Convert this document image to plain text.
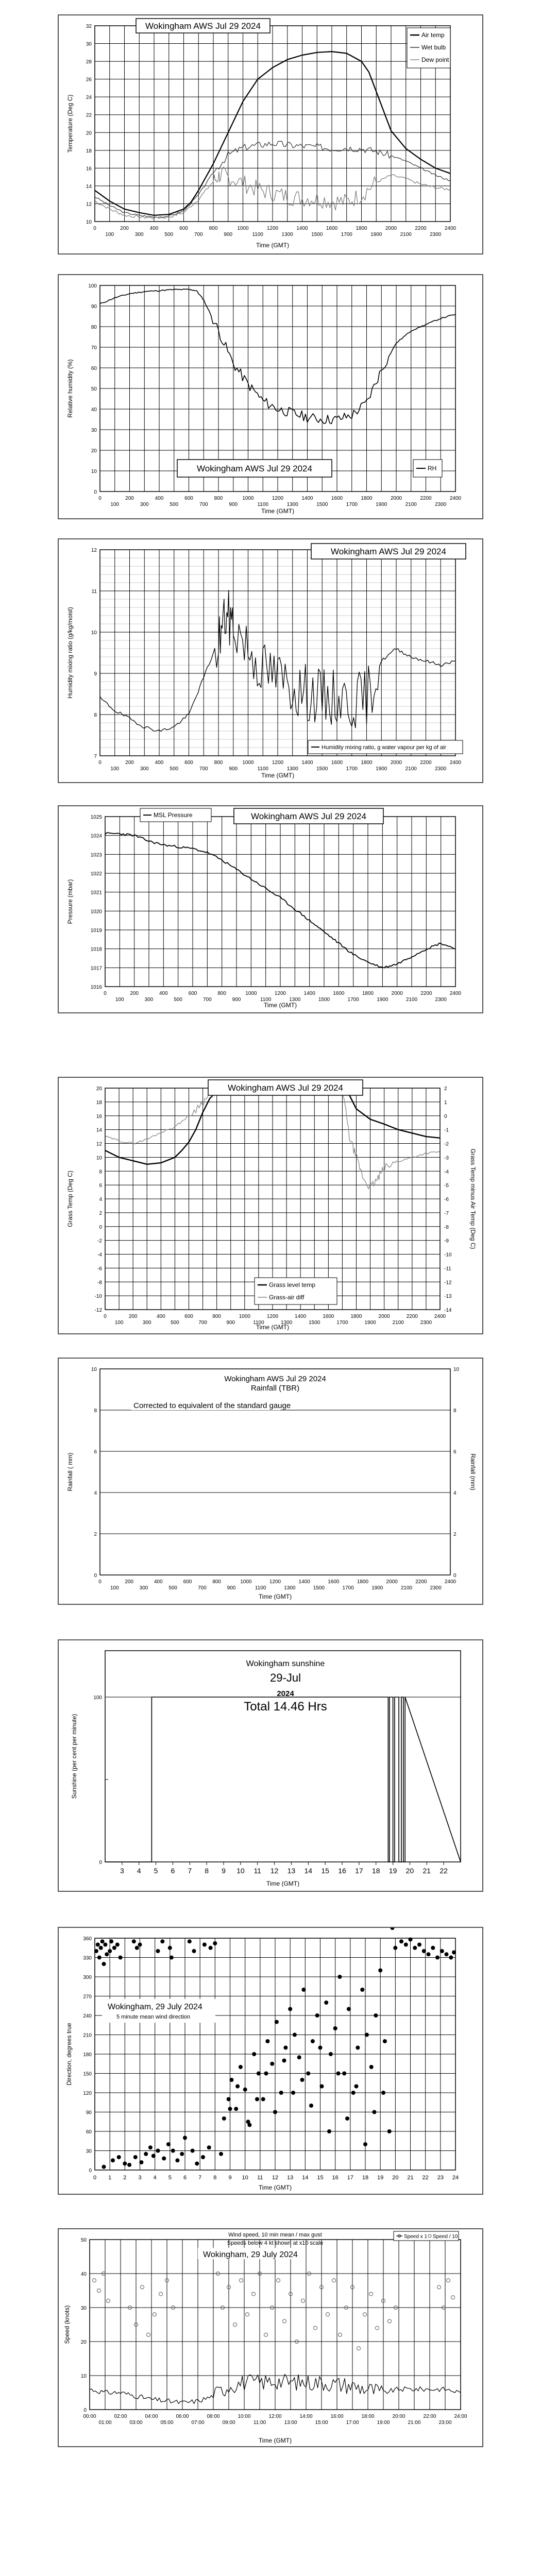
10
12
14
16
18
20
22
24
26
28
30
32
0
100
200
300
400
500
600
700
800
900
1000
1100
1200
1300
1400
1500
1600
1700
1800
1900
2000
2100
2200
2300
2400
Wokingham AWS Jul 29 2024
Air temp
Wet bulb
Dew point
Temperature (Deg C)
Time (GMT)
0
10
20
30
40
50
60
70
80
90
100
0
100
200
300
400
500
600
700
800
900
1000
1100
1200
1300
1400
1500
1600
1700
1800
1900
2000
2100
2200
2300
2400
Wokingham AWS Jul 29 2024	RH
Relative humidity (%)
Time (GMT)
7
8
9
10
11
12
0
100
200
300
400
500
600
700
800
900
1000
1100
1200
1300
1400
1500
1600
1700
1800
1900
2000
2100
2200
2300
2400
Wokingham AWS Jul 29 2024
Humidity mixing ratio, g water vapour per kg of air
Humidity mixing ratio (g/kg/moist)
Time (GMT)
1016
1017
1018
1019
1020
1021
1022
1023
1024
1025
0
100
200
300
400
500
600
700
800
900
1000
1100
1200
1300
1400
1500
1600
1700
1800
1900
2000
2100
2200
2300
2400
MSL Pressure	Wokingham AWS Jul 29 2024
Pressure (mbar)
Time (GMT)
-12
-10
-8
-6
-4
-2
0
2
4
6
8
10
12
14
16
18
20
-14
-13
-12
-11
-10
-9
-8
-7
-6
-5
-4
-3
-2
-1
0
1
2
0
100
200
300
400
500
600
700
800
900
1000
1100
1200
1300
1400
1500
1600
1700
1800
1900
2000
2100
2200
2300
2400
Wokingham AWS Jul 29 2024
Grass level temp
Grass-air diff
Grass Temp (Deg C)	Grass Temp minus Air Temp (Deg C)
Time (GMT)
0
2
4
6
8
10
0
2
4
6
8
10
0
100
200
300
400
500
600
700
800
900
1000
1100
1200
1300
1400
1500
1600
1700
1800
1900
2000
2100
2200
2300
2400
Wokingham AWS Jul 29 2024
Rainfall (TBR)
Corrected to equivalent of the standard gauge
Rainfall ( mm)	Rainfall (mm)
Time (GMT)
100
0
3 4 5 6 7 8 9 10 11 12 13 14 15 16 17 18 19 20 21 22
Wokingham sunshine
29-Jul
2024
Total 14.46 Hrs
Sunshine (per cent per minute)
Time (GMT)
0 1 2 3 4 5 6 7 8 9 10 11 12 13 14 15 16 17 18 19 20 21 22 23 24
0
30
60
90
120
150
180
210
240
270
300
330
360
Wokingham, 29 July 2024
5 minute mean wind direction
Direction, degrees true
Time (GMT)
00:00
01:00
02:00
03:00
04:00
05:00
06:00
07:00
08:00
09:00
10:00
11:00
12:00
13:00
14:00
15:00
16:00
17:00
18:00
19:00
20:00
21:00
22:00
23:00
24:00
0
10
20
30
40
50
Wind speed, 10 min mean / max gust
Speeds below 4 kt shown at x10 scale
Wokingham, 29 July 2024
Speed x 1 Speed / 10
Speed (knots)
Time (GMT)
